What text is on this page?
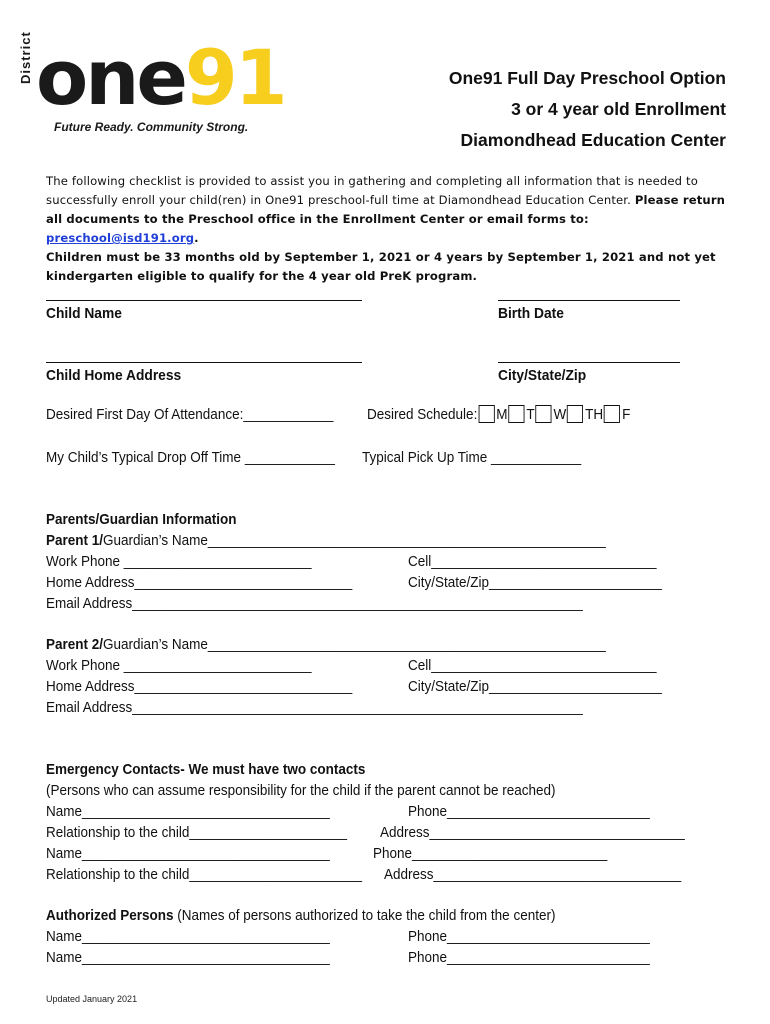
District one91
Future Ready. Community Strong.
One91 Full Day Preschool Option
3 or 4 year old Enrollment
Diamondhead Education Center
The following checklist is provided to assist you in gathering and completing all information that is needed to successfully enroll your child(ren) in One91 preschool-full time at Diamondhead Education Center. Please return all documents to the Preschool office in the Enrollment Center or email forms to: preschool@isd191.org.
Children must be 33 months old by September 1, 2021 or 4 years by September 1, 2021 and not yet kindergarten eligible to qualify for the 4 year old PreK program.
Child Name	Birth Date
Child Home Address	City/State/Zip
Desired First Day Of Attendance:____________ Desired Schedule: M T W TH F
My Child’s Typical Drop Off Time ____________ Typical Pick Up Time ____________
Parents/Guardian Information
Parent 1/Guardian’s Name_____________________________________________________
Work Phone _________________________	Cell______________________________
Home Address_____________________________	City/State/Zip_______________________
Email Address____________________________________________________________
Parent 2/Guardian’s Name_____________________________________________________
Work Phone _________________________	Cell______________________________
Home Address_____________________________	City/State/Zip_______________________
Email Address____________________________________________________________
Emergency Contacts- We must have two contacts
(Persons who can assume responsibility for the child if the parent cannot be reached)
Name_________________________________	Phone___________________________
Relationship to the child_____________________ Address__________________________________
Name_________________________________	Phone__________________________
Relationship to the child_______________________ Address_________________________________
Authorized Persons (Names of persons authorized to take the child from the center)
Name_________________________________	Phone___________________________
Name_________________________________	Phone___________________________
Updated January 2021
